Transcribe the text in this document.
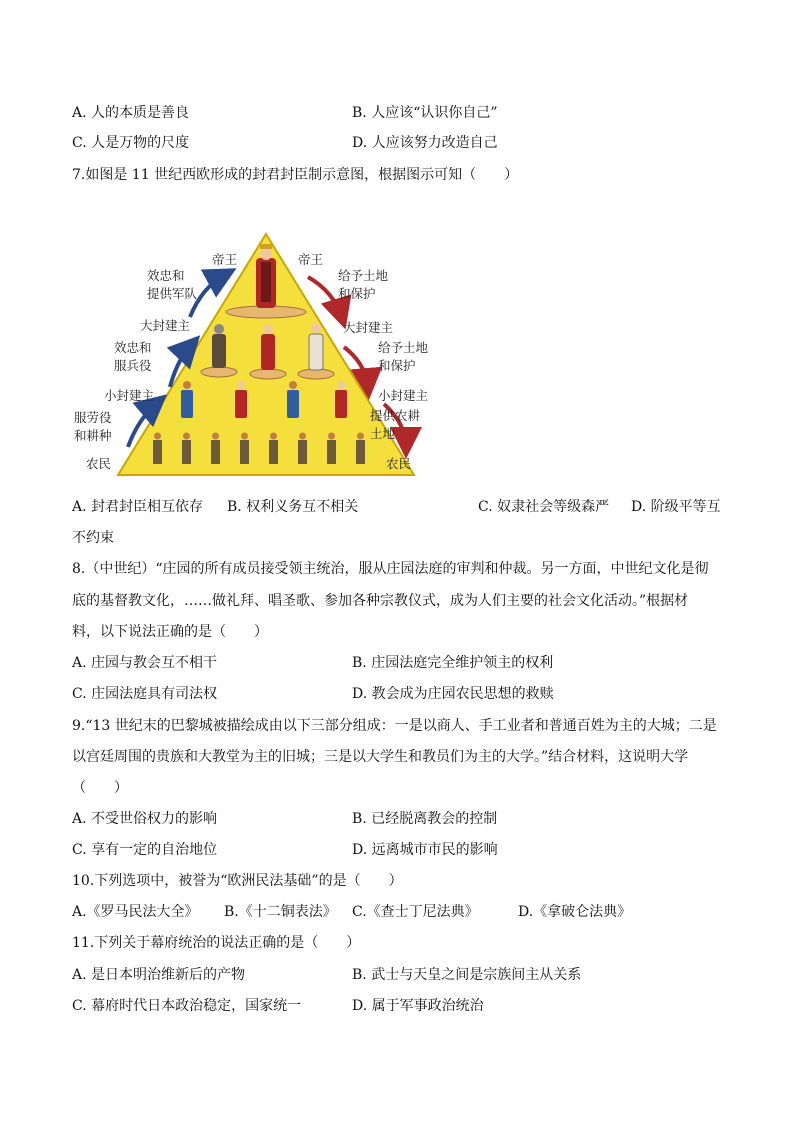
A. 人的本质是善良	B. 人应该“认识你自己”
C. 人是万物的尺度	D. 人应该努力改造自己
7.如图是 11 世纪西欧形成的封君封臣制示意图，根据图示可知（　　）
帝王
效忠和
提供军队
大封建主
效忠和
服兵役
小封建主
服劳役
和耕种
农民
帝王
给予土地
和保护
大封建主
给予土地
和保护
小封建主
提供农耕
土地
农民
A. 封君封臣相互依存 B. 权利义务互不相关	C. 奴隶社会等级森严 D. 阶级平等互
不约束
8.（中世纪）“庄园的所有成员接受领主统治，服从庄园法庭的审判和仲裁。另一方面，中世纪文化是彻
底的基督教文化，……做礼拜、唱圣歌、参加各种宗教仪式，成为人们主要的社会文化活动。”根据材
料，以下说法正确的是（　　）
A. 庄园与教会互不相干	B. 庄园法庭完全维护领主的权利
C. 庄园法庭具有司法权	D. 教会成为庄园农民思想的救赎
9.“13 世纪末的巴黎城被描绘成由以下三部分组成：一是以商人、手工业者和普通百姓为主的大城；二是
以宫廷周围的贵族和大教堂为主的旧城；三是以大学生和教员们为主的大学。”结合材料，这说明大学
（　　）
A. 不受世俗权力的影响	B. 已经脱离教会的控制
C. 享有一定的自治地位	D. 远离城市市民的影响
10.下列选项中，被誉为“欧洲民法基础”的是（　　）
A.《罗马民法大全》 B.《十二铜表法》 C.《查士丁尼法典》	D.《拿破仑法典》
11.下列关于幕府统治的说法正确的是（　　）
A. 是日本明治维新后的产物	B. 武士与天皇之间是宗族间主从关系
C. 幕府时代日本政治稳定，国家统一	D. 属于军事政治统治
